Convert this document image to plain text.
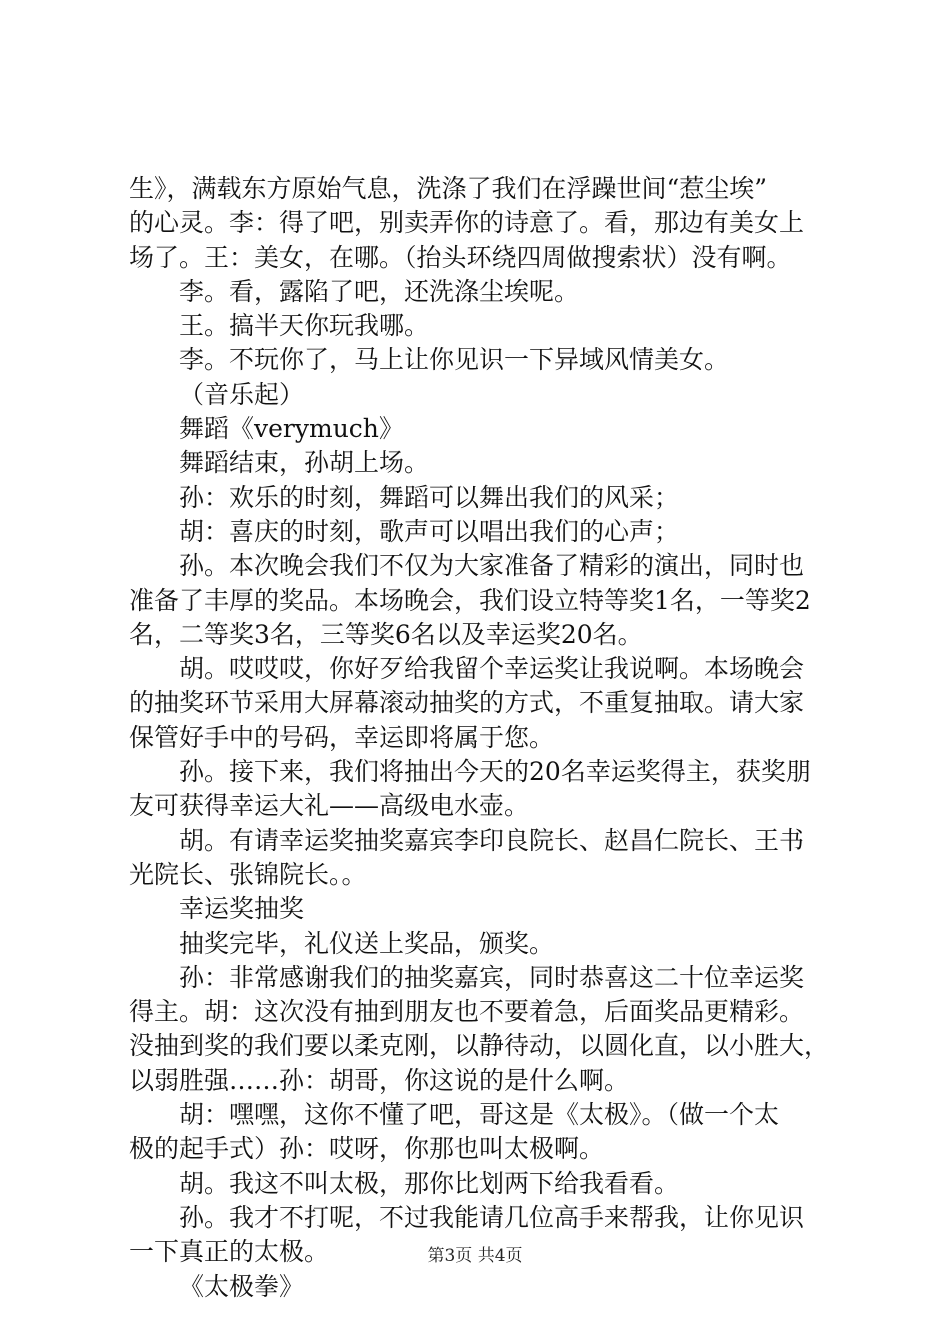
生》，满载东方原始气息，洗涤了我们在浮躁世间“惹尘埃”

的心灵。李：得了吧，别卖弄你的诗意了。看，那边有美女上

场了。王：美女，在哪。（抬头环绕四周做搜索状）没有啊。

李。看，露陷了吧，还洗涤尘埃呢。

王。搞半天你玩我哪。

李。不玩你了，马上让你见识一下异域风情美女。

（音乐起）

舞蹈《verymuch》

舞蹈结束，孙胡上场。

孙：欢乐的时刻，舞蹈可以舞出我们的风采；

胡：喜庆的时刻，歌声可以唱出我们的心声；

孙。本次晚会我们不仅为大家准备了精彩的演出，同时也

准备了丰厚的奖品。本场晚会，我们设立特等奖1名，一等奖2

名，二等奖3名，三等奖6名以及幸运奖20名。

胡。哎哎哎，你好歹给我留个幸运奖让我说啊。本场晚会

的抽奖环节采用大屏幕滚动抽奖的方式，不重复抽取。请大家

保管好手中的号码，幸运即将属于您。

孙。接下来，我们将抽出今天的20名幸运奖得主，获奖朋

友可获得幸运大礼——高级电水壶。

胡。有请幸运奖抽奖嘉宾李印良院长、赵昌仁院长、王书

光院长、张锦院长。。

幸运奖抽奖

抽奖完毕，礼仪送上奖品，颁奖。

孙：非常感谢我们的抽奖嘉宾，同时恭喜这二十位幸运奖

得主。胡：这次没有抽到朋友也不要着急，后面奖品更精彩。

没抽到奖的我们要以柔克刚，以静待动，以圆化直，以小胜大，

以弱胜强……孙：胡哥，你这说的是什么啊。

胡：嘿嘿，这你不懂了吧，哥这是《太极》。（做一个太

极的起手式）孙：哎呀，你那也叫太极啊。

胡。我这不叫太极，那你比划两下给我看看。

孙。我才不打呢，不过我能请几位高手来帮我，让你见识

一下真正的太极。

《太极拳》

第3页 共4页
